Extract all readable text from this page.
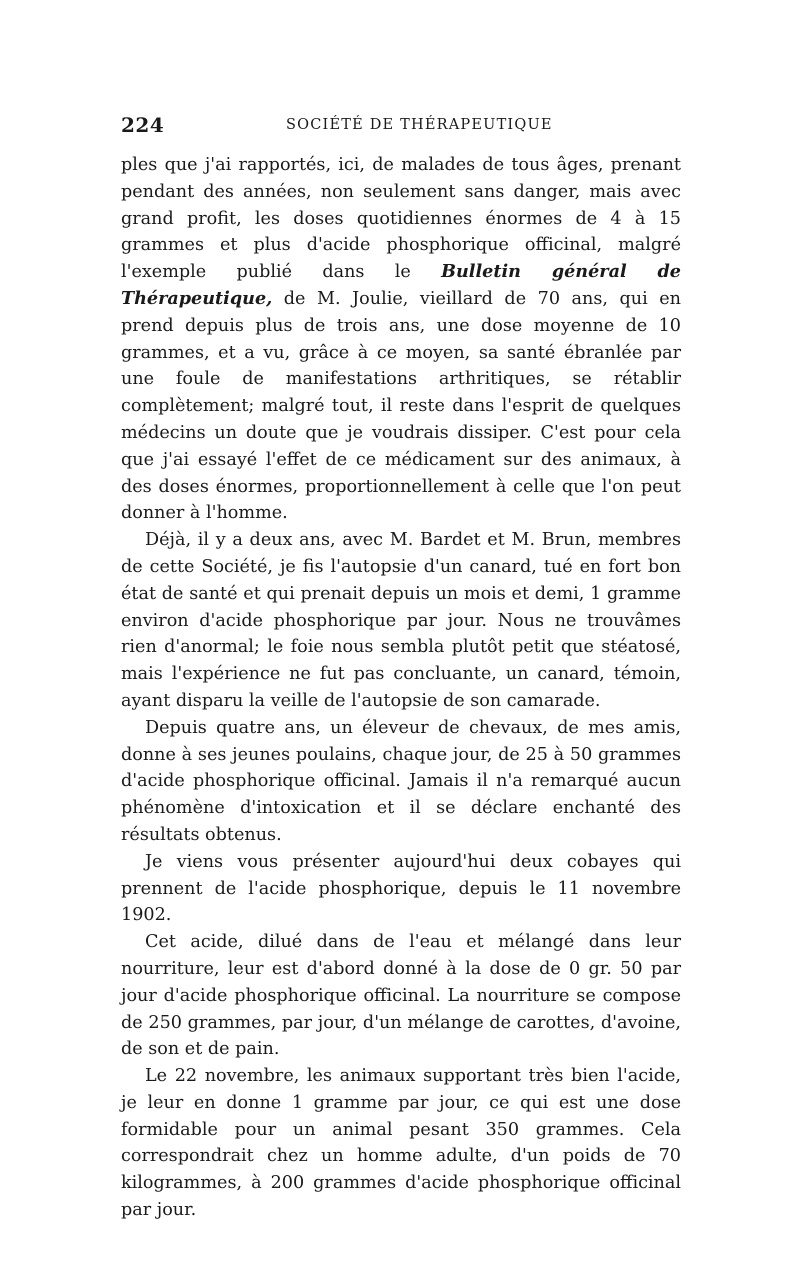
224	SOCIÉTÉ DE THÉRAPEUTIQUE

ples que j'ai rapportés, ici, de malades de tous âges, prenant pendant des années, non seulement sans danger, mais avec grand profit, les doses quotidiennes énormes de 4 à 15 grammes et plus d'acide phosphorique officinal, malgré l'exemple publié dans le Bulletin général de Thérapeutique, de M. Joulie, vieillard de 70 ans, qui en prend depuis plus de trois ans, une dose moyenne de 10 grammes, et a vu, grâce à ce moyen, sa santé ébranlée par une foule de manifestations arthritiques, se rétablir complètement; malgré tout, il reste dans l'esprit de quelques médecins un doute que je voudrais dissiper. C'est pour cela que j'ai essayé l'effet de ce médicament sur des animaux, à des doses énormes, proportionnellement à celle que l'on peut donner à l'homme.

Déjà, il y a deux ans, avec M. Bardet et M. Brun, membres de cette Société, je fis l'autopsie d'un canard, tué en fort bon état de santé et qui prenait depuis un mois et demi, 1 gramme environ d'acide phosphorique par jour. Nous ne trouvâmes rien d'anormal; le foie nous sembla plutôt petit que stéatosé, mais l'expérience ne fut pas concluante, un canard, témoin, ayant disparu la veille de l'autopsie de son camarade.

Depuis quatre ans, un éleveur de chevaux, de mes amis, donne à ses jeunes poulains, chaque jour, de 25 à 50 grammes d'acide phosphorique officinal. Jamais il n'a remarqué aucun phénomène d'intoxication et il se déclare enchanté des résultats obtenus.

Je viens vous présenter aujourd'hui deux cobayes qui prennent de l'acide phosphorique, depuis le 11 novembre 1902.

Cet acide, dilué dans de l'eau et mélangé dans leur nourriture, leur est d'abord donné à la dose de 0 gr. 50 par jour d'acide phosphorique officinal. La nourriture se compose de 250 grammes, par jour, d'un mélange de carottes, d'avoine, de son et de pain.

Le 22 novembre, les animaux supportant très bien l'acide, je leur en donne 1 gramme par jour, ce qui est une dose formidable pour un animal pesant 350 grammes. Cela correspondrait chez un homme adulte, d'un poids de 70 kilogrammes, à 200 grammes d'acide phosphorique officinal par jour.
